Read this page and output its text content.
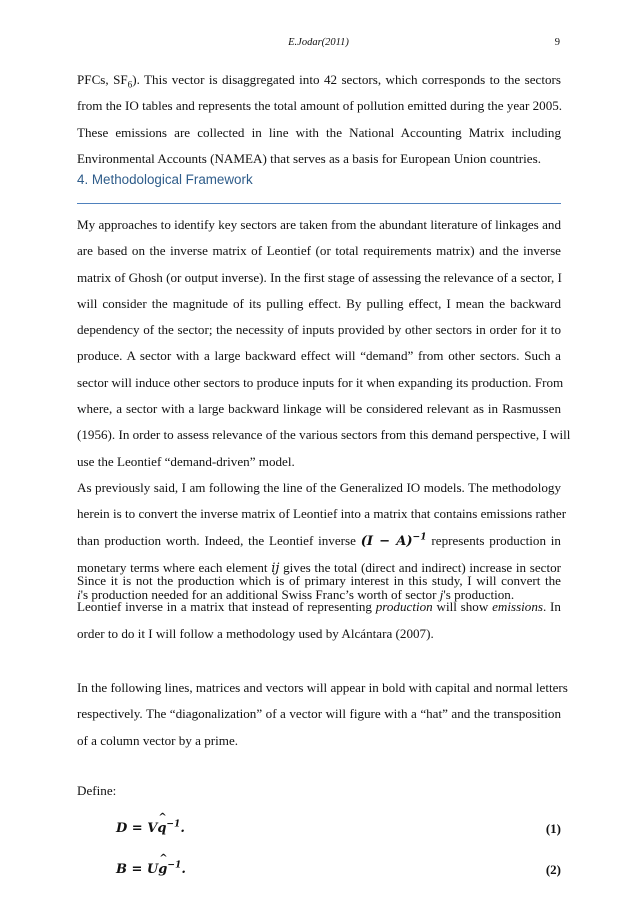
E.Jodar(2011)	9
PFCs, $SF_6$). This vector is disaggregated into 42 sectors, which corresponds to the sectors
from the IO tables and represents the total amount of pollution emitted during the year 2005.
These emissions are collected in line with the National Accounting Matrix including
Environmental Accounts (NAMEA) that serves as a basis for European Union countries.
4. Methodological Framework
My approaches to identify key sectors are taken from the abundant literature of linkages and
are based on the inverse matrix of Leontief (or total requirements matrix) and the inverse
matrix of Ghosh (or output inverse). In the first stage of assessing the relevance of a sector, I
will consider the magnitude of its pulling effect. By pulling effect, I mean the backward
dependency of the sector; the necessity of inputs provided by other sectors in order for it to
produce. A sector with a large backward effect will “demand” from other sectors. Such a
sector will induce other sectors to produce inputs for it when expanding its production. From
where, a sector with a large backward linkage will be considered relevant as in Rasmussen
(1956). In order to assess relevance of the various sectors from this demand perspective, I will
use the Leontief “demand-driven” model.
As previously said, I am following the line of the Generalized IO models. The methodology
herein is to convert the inverse matrix of Leontief into a matrix that contains emissions rather
than production worth. Indeed, the Leontief inverse $(I - A)^{-1}$ represents production in
monetary terms where each element ij gives the total (direct and indirect) increase in sector
i's production needed for an additional Swiss Franc’s worth of sector j's production.
Since it is not the production which is of primary interest in this study, I will convert the
Leontief inverse in a matrix that instead of representing production will show emissions. In
order to do it I will follow a methodology used by Alcántara (2007).
In the following lines, matrices and vectors will appear in bold with capital and normal letters
respectively. The “diagonalization” of a vector will figure with a “hat” and the transposition
of a column vector by a prime.
Define:
D = V^ $q^{-1}$.	(1)
B = U^ $g^{-1}$.	(2)
